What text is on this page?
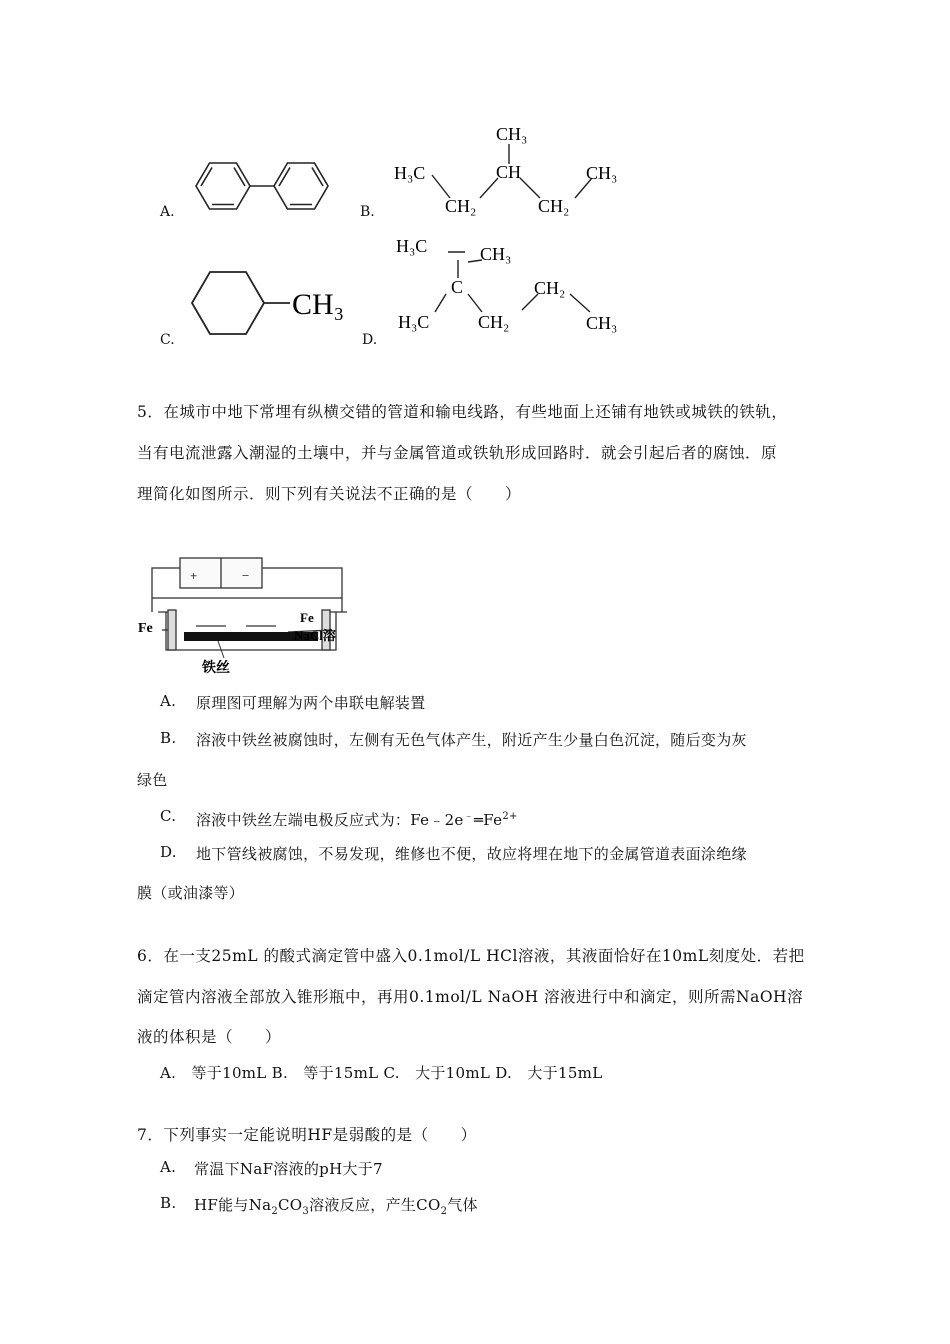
A.	B.
C.	D.
CH₃
CH
H₃C
CH₂	CH₂
CH₃
CH₃
H₃C	CH₃
C
H₃C	CH₂
CH₂
CH₃
5．在城市中地下常埋有纵横交错的管道和输电线路，有些地面上还铺有地铁或城铁的铁轨，
当有电流泄露入潮湿的土壤中，并与金属管道或铁轨形成回路时．就会引起后者的腐蚀．原
理简化如图所示．则下列有关说法不正确的是（　　）
+	−
Fe
Fe
NaCl溶
铁丝
A. 原理图可理解为两个串联电解装置
B. 溶液中铁丝被腐蚀时，左侧有无色气体产生，附近产生少量白色沉淀，随后变为灰
绿色
C. 溶液中铁丝左端电极反应式为：$Fe﹣2e^﹣═Fe^{2+}$
D. 地下管线被腐蚀，不易发现，维修也不便，故应将埋在地下的金属管道表面涂绝缘
膜（或油漆等）
6．在一支25mL 的酸式滴定管中盛入0.1mol/L HCl溶液，其液面恰好在10mL刻度处．若把
滴定管内溶液全部放入锥形瓶中，再用0.1mol/L NaOH 溶液进行中和滴定，则所需NaOH溶
液的体积是（　　）
A.　等于10mL B.　等于15mL C.　大于10mL D.　大于15mL
7．下列事实一定能说明HF是弱酸的是（　　）
A. 常温下NaF溶液的pH大于7
B. HF能与$Na_2CO_3$溶液反应，产生$CO_2$气体
